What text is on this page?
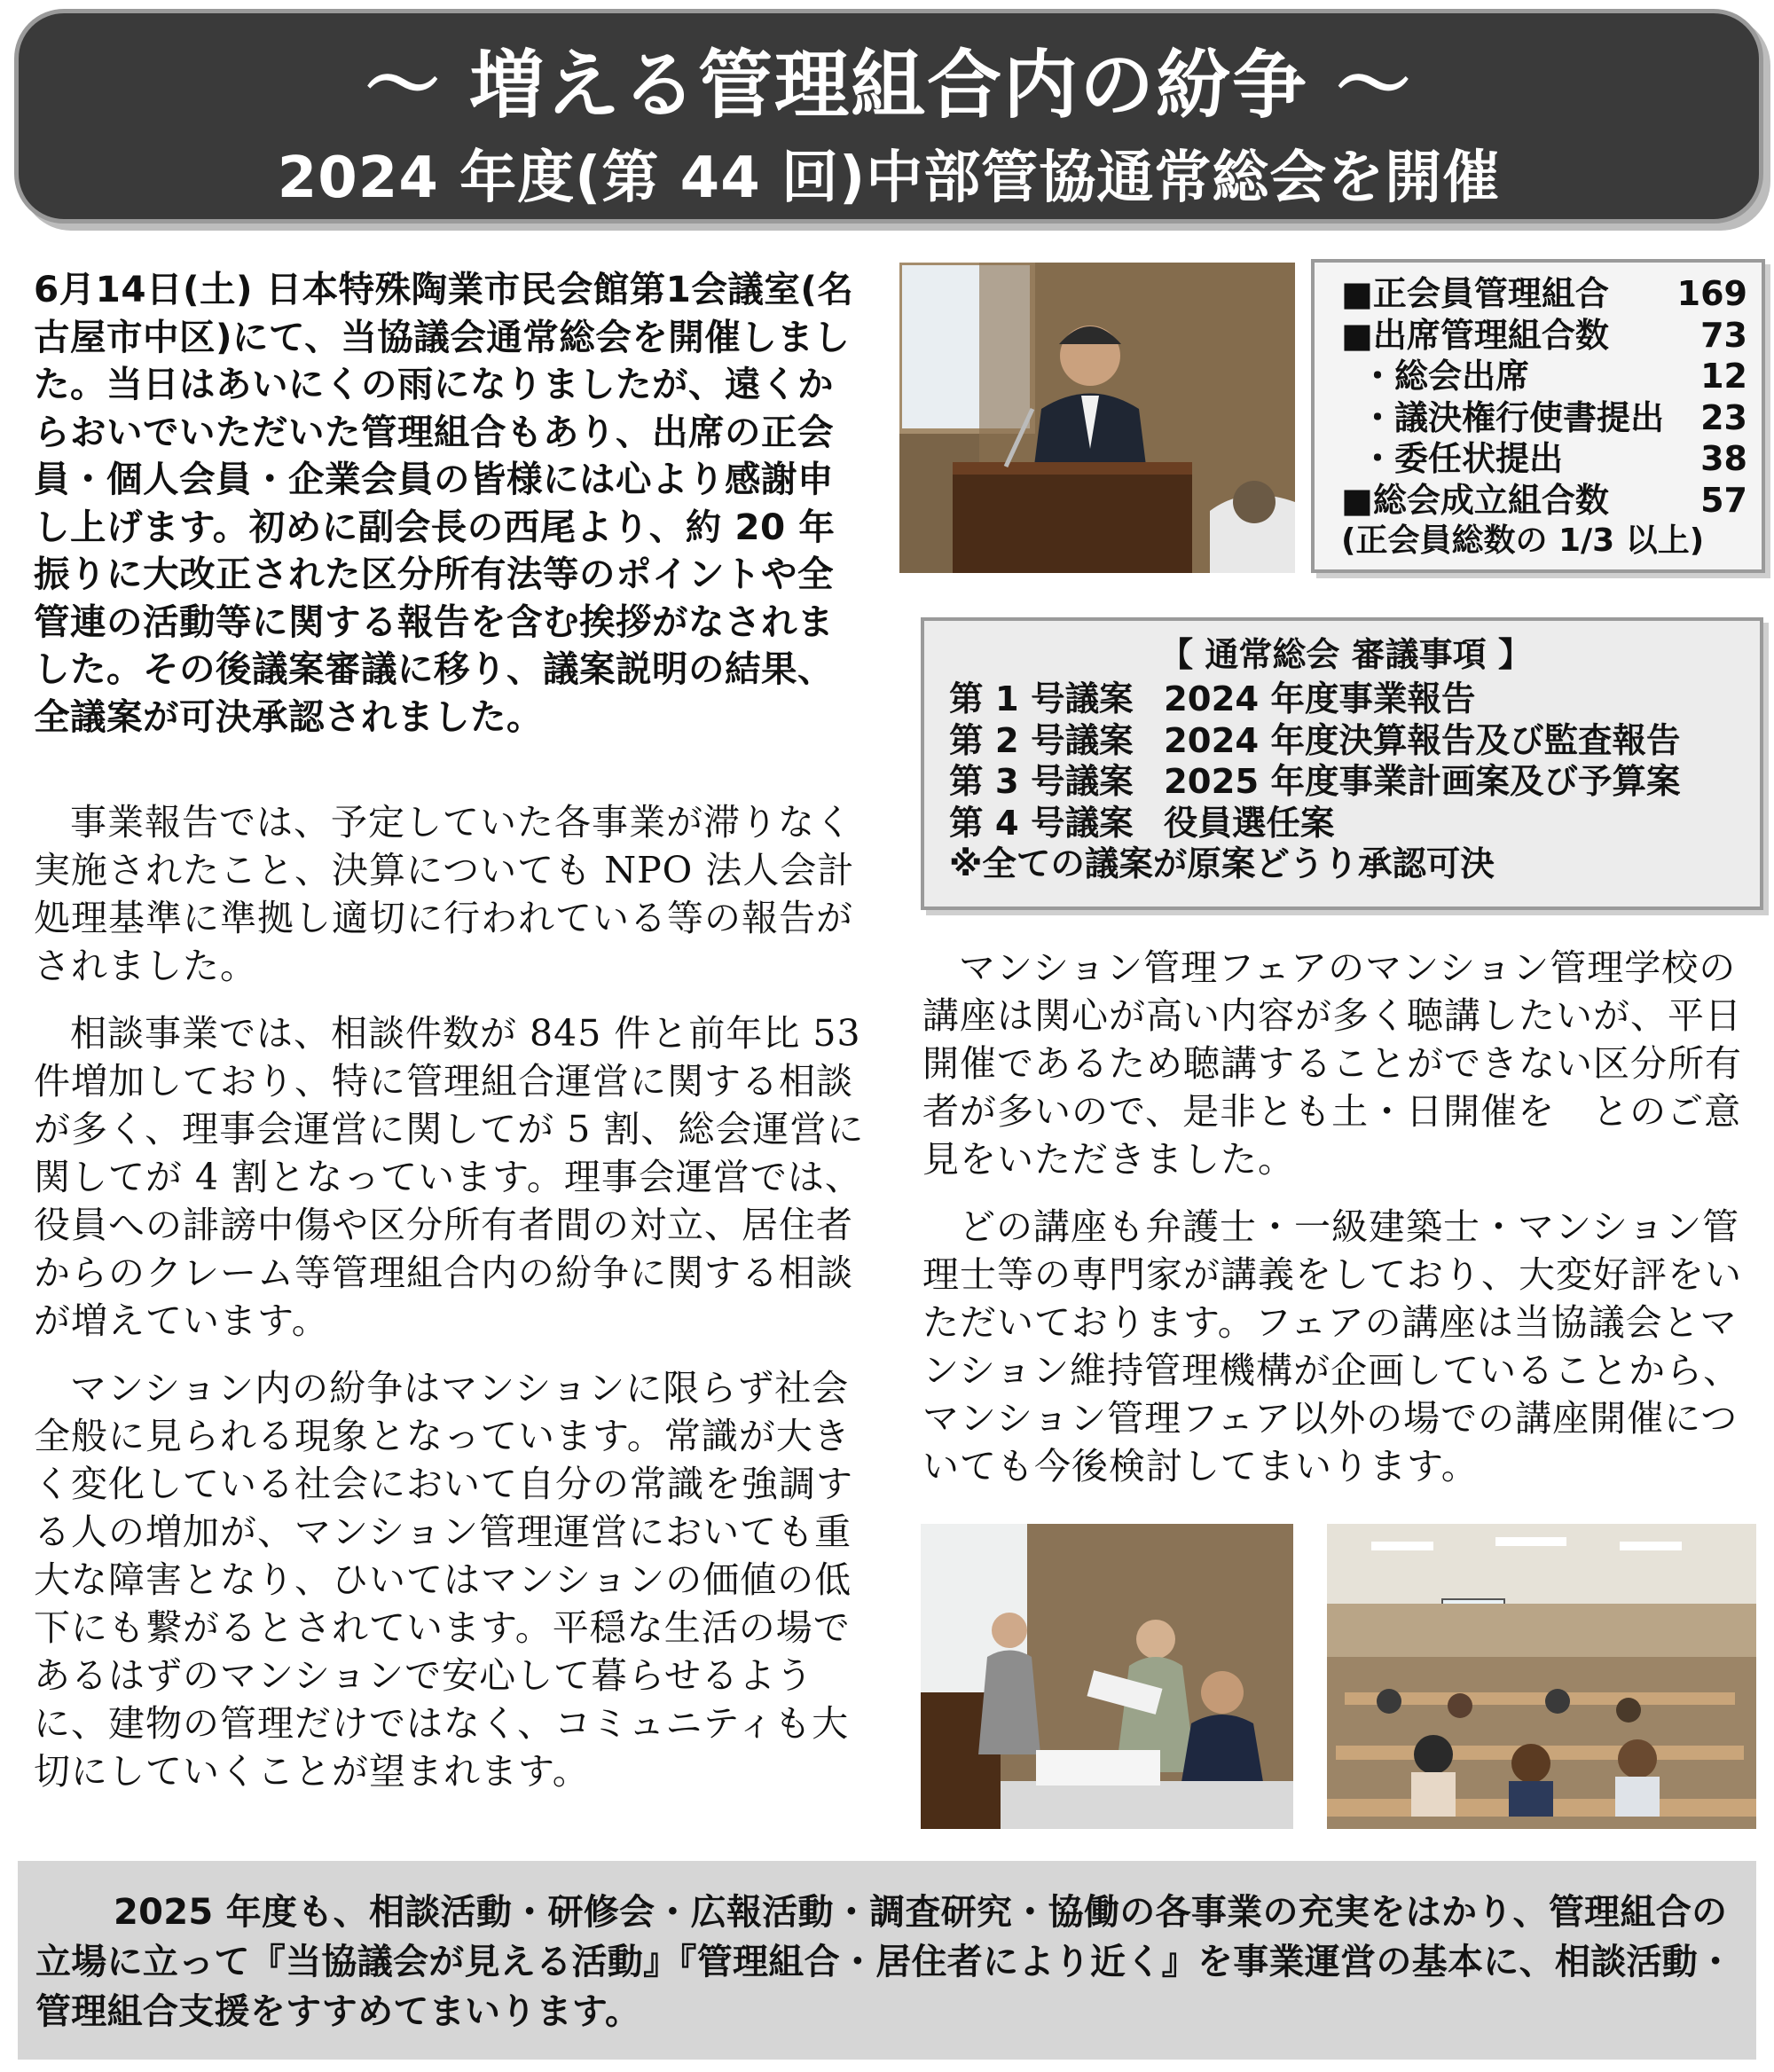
～ 増える管理組合内の紛争 ～
2024 年度(第 44 回)中部管協通常総会を開催

6月14日(土) 日本特殊陶業市民会館第1会議室(名古屋市中区)にて、当協議会通常総会を開催しました。当日はあいにくの雨になりましたが、遠くからおいでいただいた管理組合もあり、出席の正会員・個人会員・企業会員の皆様には心より感謝申し上げます。初めに副会長の西尾より、約 20 年振りに大改正された区分所有法等のポイントや全管連の活動等に関する報告を含む挨拶がなされました。その後議案審議に移り、議案説明の結果、全議案が可決承認されました。

事業報告では、予定していた各事業が滞りなく実施されたこと、決算についても NPO 法人会計処理基準に準拠し適切に行われている等の報告がされました。

相談事業では、相談件数が 845 件と前年比 53 件増加しており、特に管理組合運営に関する相談が多く、理事会運営に関してが 5 割、総会運営に関してが 4 割となっています。理事会運営では、役員への誹謗中傷や区分所有者間の対立、居住者からのクレーム等管理組合内の紛争に関する相談が増えています。

マンション内の紛争はマンションに限らず社会全般に見られる現象となっています。常識が大きく変化している社会において自分の常識を強調する人の増加が、マンション管理運営においても重大な障害となり、ひいてはマンションの価値の低下にも繋がるとされています。平穏な生活の場であるはずのマンションで安心して暮らせるように、建物の管理だけではなく、コミュニティも大切にしていくことが望まれます。

■正会員管理組合 169
■出席管理組合数	73
・総会出席	12
・議決権行使書提出 23
・委任状提出	38
■総会成立組合数	57
(正会員総数の 1/3 以上)
【 通常総会 審議事項 】
第 1 号議案 2024 年度事業報告
第 2 号議案 2024 年度決算報告及び監査報告
第 3 号議案 2025 年度事業計画案及び予算案
第 4 号議案 役員選任案
※全ての議案が原案どうり承認可決

マンション管理フェアのマンション管理学校の講座は関心が高い内容が多く聴講したいが、平日開催であるため聴講することができない区分所有者が多いので、是非とも土・日開催を　とのご意見をいただきました。

どの講座も弁護士・一級建築士・マンション管理士等の専門家が講義をしており、大変好評をいただいております。フェアの講座は当協議会とマンション維持管理機構が企画していることから、マンション管理フェア以外の場での講座開催についても今後検討してまいります。

2025 年度も、相談活動・研修会・広報活動・調査研究・協働の各事業の充実をはかり、管理組合の立場に立って『当協議会が見える活動』『管理組合・居住者により近く』を事業運営の基本に、相談活動・管理組合支援をすすめてまいります。
